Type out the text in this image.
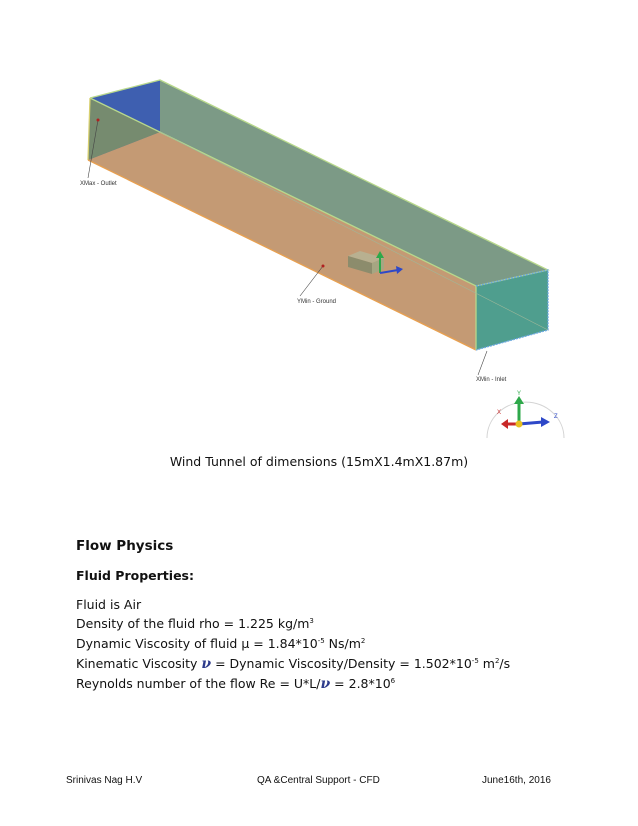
XMax - Outlet
YMin - Ground
XMin - Inlet
Y
X
Z
Wind Tunnel of dimensions (15mX1.4mX1.87m)
Flow Physics
Fluid Properties:
Fluid is Air
Density of the fluid rho = 1.225 $kg/m^3$
Dynamic Viscosity of fluid $\mu = 1.84*10^{-5}$ $Ns/m^2$
Kinematic Viscosity 𝝂 = Dynamic Viscosity/Density = $1.502*10^{-5}$ $m^2/s$
Reynolds number of the flow Re = U*L/𝝂 = $2.8*10^6$
Srinivas Nag H.V	QA &Central Support - CFD	June16th, 2016
